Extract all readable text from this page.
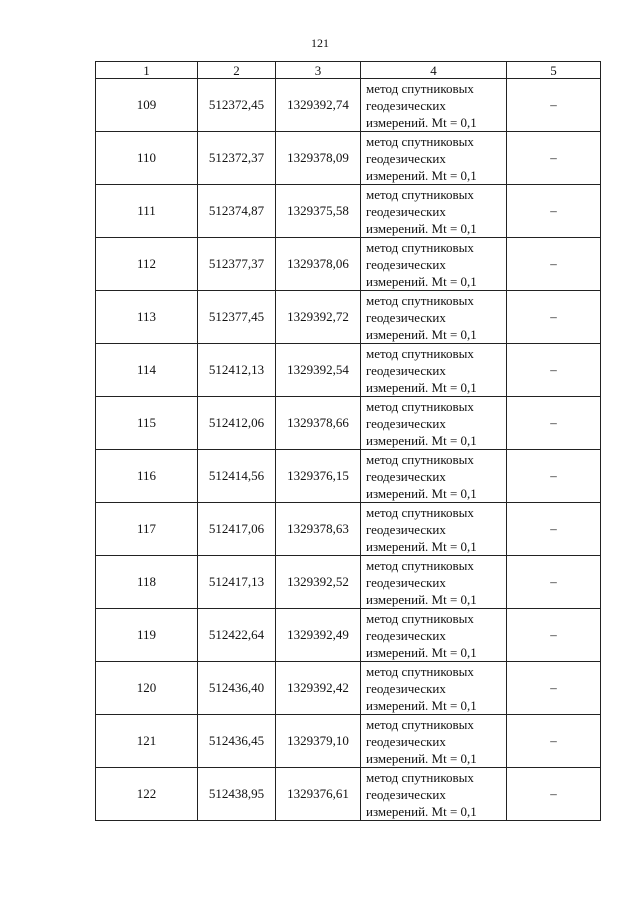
121
1	2	3	4	5
109	512372,45	1329392,74	метод спутниковых
геодезических
измерений. Mt = 0,1	–
110	512372,37	1329378,09	метод спутниковых
геодезических
измерений. Mt = 0,1	–
111	512374,87	1329375,58	метод спутниковых
геодезических
измерений. Mt = 0,1	–
112	512377,37	1329378,06	метод спутниковых
геодезических
измерений. Mt = 0,1	–
113	512377,45	1329392,72	метод спутниковых
геодезических
измерений. Mt = 0,1	–
114	512412,13	1329392,54	метод спутниковых
геодезических
измерений. Mt = 0,1	–
115	512412,06	1329378,66	метод спутниковых
геодезических
измерений. Mt = 0,1	–
116	512414,56	1329376,15	метод спутниковых
геодезических
измерений. Mt = 0,1	–
117	512417,06	1329378,63	метод спутниковых
геодезических
измерений. Mt = 0,1	–
118	512417,13	1329392,52	метод спутниковых
геодезических
измерений. Mt = 0,1	–
119	512422,64	1329392,49	метод спутниковых
геодезических
измерений. Mt = 0,1	–
120	512436,40	1329392,42	метод спутниковых
геодезических
измерений. Mt = 0,1	–
121	512436,45	1329379,10	метод спутниковых
геодезических
измерений. Mt = 0,1	–
122	512438,95	1329376,61	метод спутниковых
геодезических
измерений. Mt = 0,1	–
